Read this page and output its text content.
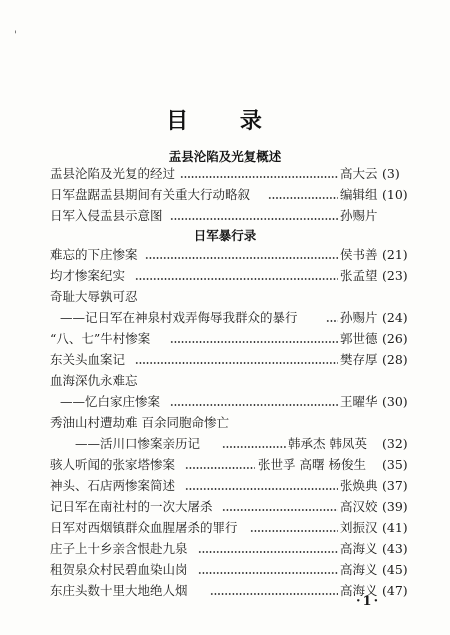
'
目 录
盂县沦陷及光复概述
盂县沦陷及光复的经过	高大云 (3)
日军盘踞盂县期间有关重大行动略叙	编辑组 (10)
日军入侵盂县示意图	孙赐片
日军暴行录
难忘的下庄惨案	侯书善 (21)
均才惨案纪实	张孟望 (23)
奇耻大辱孰可忍
——记日军在神泉村戏弄侮辱我群众的暴行	孙赐片 (24)
“八、七”牛村惨案	郭世德 (26)
东关头血案记	樊存厚 (28)
血海深仇永难忘
——忆白家庄惨案	王曜华 (30)
秀油山村遭劫难 百余同胞命惨亡
——活川口惨案亲历记	韩承杰 韩凤英 (32)
骇人听闻的张家塔惨案	张世孚 高曙 杨俊生 (35)
神头、石店两惨案简述	张焕典 (37)
记日军在南社村的一次大屠杀	高汉姣 (39)
日军对西烟镇群众血腥屠杀的罪行	刘振汉 (41)
庄子上十乡亲含恨赴九泉	高海义 (43)
租贺泉众村民碧血染山岗	高海义 (45)
东庄头数十里大地绝人烟	高海义 (47)
·1·
